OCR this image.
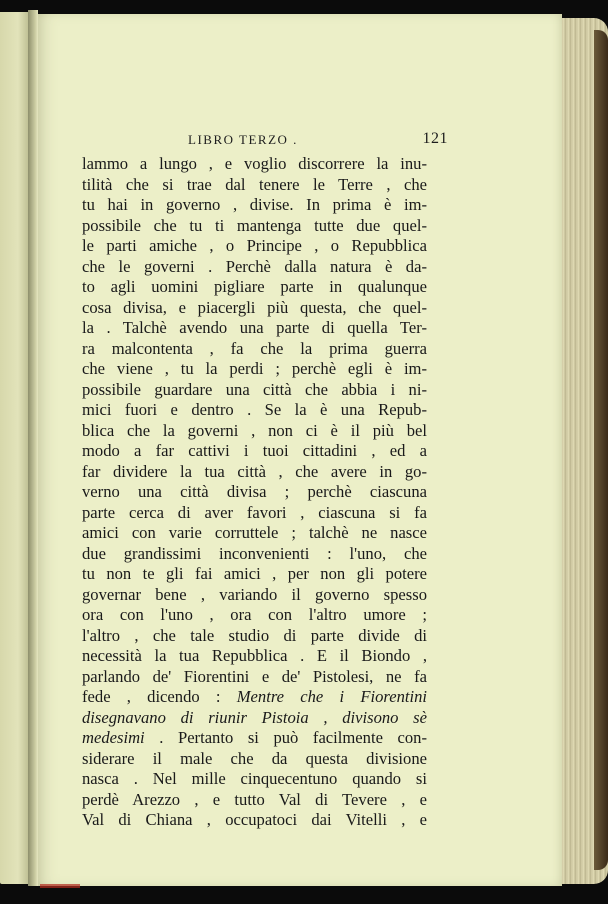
LIBRO TERZO .	121
lammo a lungo , e voglio discorrere la inu-
tilità che si trae dal tenere le Terre , che
tu hai in governo , divise. In prima è im-
possibile che tu ti mantenga tutte due quel-
le parti amiche , o Principe , o Repubblica
che le governi . Perchè dalla natura è da-
to agli uomini pigliare parte in qualunque
cosa divisa, e piacergli più questa, che quel-
la . Talchè avendo una parte di quella Ter-
ra malcontenta , fa che la prima guerra
che viene , tu la perdi ; perchè egli è im-
possibile guardare una città che abbia i ni-
mici fuori e dentro . Se la è una Repub-
blica che la governi , non ci è il più bel
modo a far cattivi i tuoi cittadini , ed a
far dividere la tua città , che avere in go-
verno una città divisa ; perchè ciascuna
parte cerca di aver favori , ciascuna si fa
amici con varie corruttele ; talchè ne nasce
due grandissimi inconvenienti : l'uno, che
tu non te gli fai amici , per non gli potere
governar bene , variando il governo spesso
ora con l'uno , ora con l'altro umore ;
l'altro , che tale studio di parte divide di
necessità la tua Repubblica . E il Biondo ,
parlando de' Fiorentini e de' Pistolesi, ne fa
fede , dicendo : Mentre che i Fiorentini
disegnavano di riunir Pistoia , divisono sè
medesimi . Pertanto si può facilmente con-
siderare il male che da questa divisione
nasca . Nel mille cinquecentuno quando si
perdè Arezzo , e tutto Val di Tevere , e
Val di Chiana , occupatoci dai Vitelli , e
